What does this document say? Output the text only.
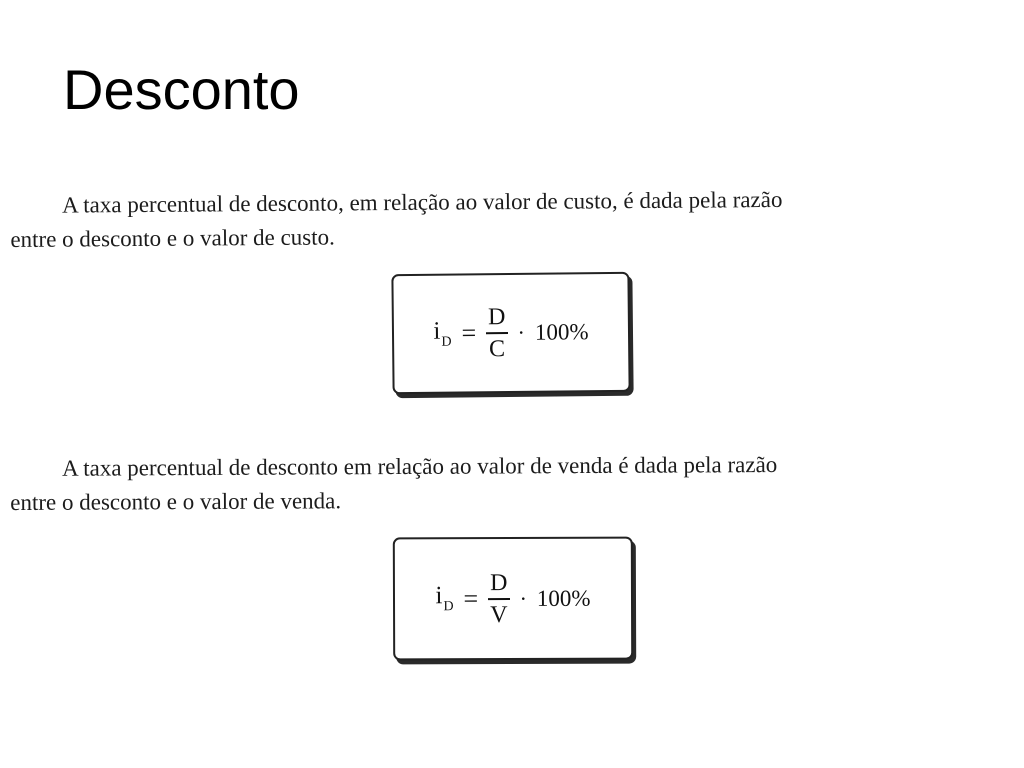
Desconto

A taxa percentual de desconto, em relação ao valor de custo, é dada pela razão
entre o desconto e o valor de custo.

$i_D = \frac{D}{C} \cdot 100\%$

A taxa percentual de desconto em relação ao valor de venda é dada pela razão
entre o desconto e o valor de venda.

$i_D = \frac{D}{V} \cdot 100\%$
